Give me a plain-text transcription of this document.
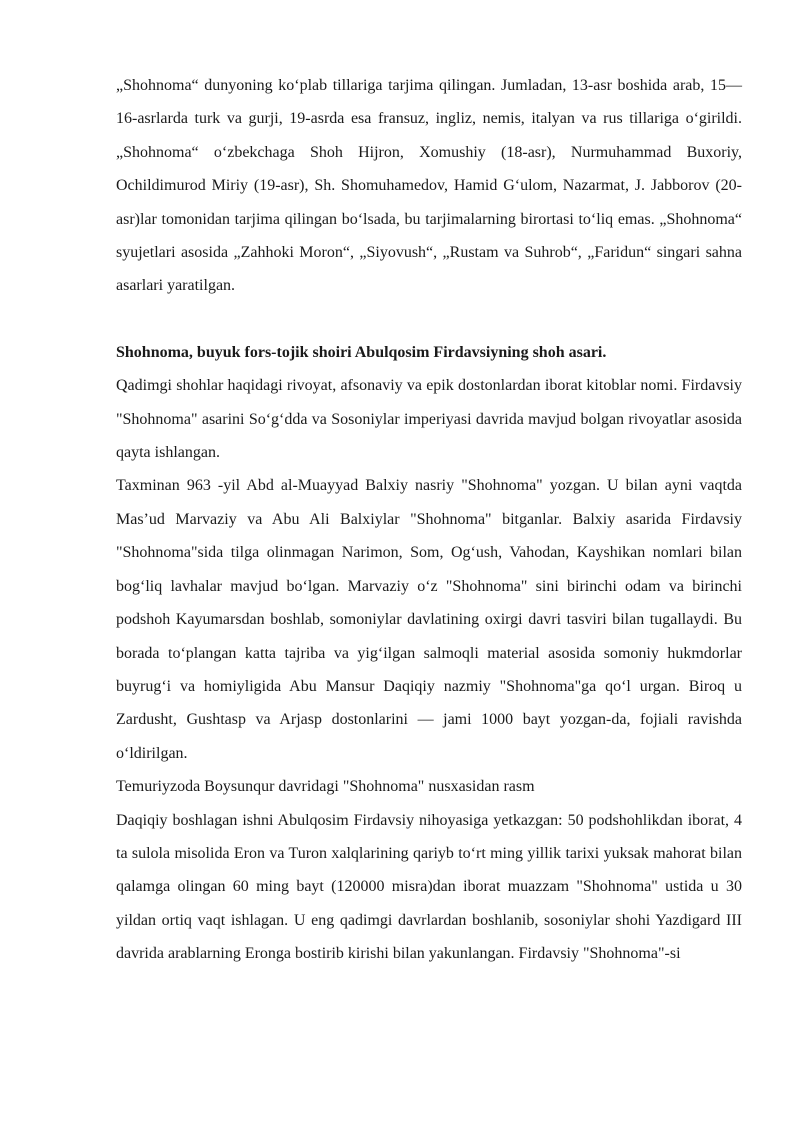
„Shohnoma“ dunyoning koʻplab tillariga tarjima qilingan. Jumladan, 13-asr boshida arab, 15—16-asrlarda turk va gurji, 19-asrda esa fransuz, ingliz, nemis, italyan va rus tillariga oʻgirildi. „Shohnoma“ oʻzbekchaga Shoh Hijron, Xomushiy (18-asr), Nurmuhammad Buxoriy, Ochildimurod Miriy (19-asr), Sh. Shomuhamedov, Hamid Gʻulom, Nazarmat, J. Jabborov (20-asr)lar tomonidan tarjima qilingan boʻlsada, bu tarjimalarning birortasi toʻliq emas. „Shohnoma“ syujetlari asosida „Zahhoki Moron“, „Siyovush“, „Rustam va Suhrob“, „Faridun“ singari sahna asarlari yaratilgan.

Shohnoma, buyuk fors-tojik shoiri Abulqosim Firdavsiyning shoh asari.

Qadimgi shohlar haqidagi rivoyat, afsonaviy va epik dostonlardan iborat kitoblar nomi. Firdavsiy "Shohnoma" asarini Soʻgʻdda va Sosoniylar imperiyasi davrida mavjud bolgan rivoyatlar asosida qayta ishlangan.

Taxminan 963 -yil Abd al-Muayyad Balxiy nasriy "Shohnoma" yozgan. U bilan ayni vaqtda Mas’ud Marvaziy va Abu Ali Balxiylar "Shohnoma" bitganlar. Balxiy asarida Firdavsiy "Shohnoma"sida tilga olinmagan Narimon, Som, Ogʻush, Vahodan, Kayshikan nomlari bilan bogʻliq lavhalar mavjud boʻlgan. Marvaziy oʻz "Shohnoma" sini birinchi odam va birinchi podshoh Kayumarsdan boshlab, somoniylar davlatining oxirgi davri tasviri bilan tugallaydi. Bu borada toʻplangan katta tajriba va yigʻilgan salmoqli material asosida somoniy hukmdorlar buyrugʻi va homiyligida Abu Mansur Daqiqiy nazmiy "Shohnoma"ga qoʻl urgan. Biroq u Zardusht, Gushtasp va Arjasp dostonlarini — jami 1000 bayt yozgan-da, fojiali ravishda oʻldirilgan.

Temuriyzoda Boysunqur davridagi "Shohnoma" nusxasidan rasm

Daqiqiy boshlagan ishni Abulqosim Firdavsiy nihoyasiga yetkazgan: 50 podshohlikdan iborat, 4 ta sulola misolida Eron va Turon xalqlarining qariyb toʻrt ming yillik tarixi yuksak mahorat bilan qalamga olingan 60 ming bayt (120000 misra)dan iborat muazzam "Shohnoma" ustida u 30 yildan ortiq vaqt ishlagan. U eng qadimgi davrlardan boshlanib, sosoniylar shohi Yazdigard III davrida arablarning Eronga bostirib kirishi bilan yakunlangan. Firdavsiy "Shohnoma"-si
